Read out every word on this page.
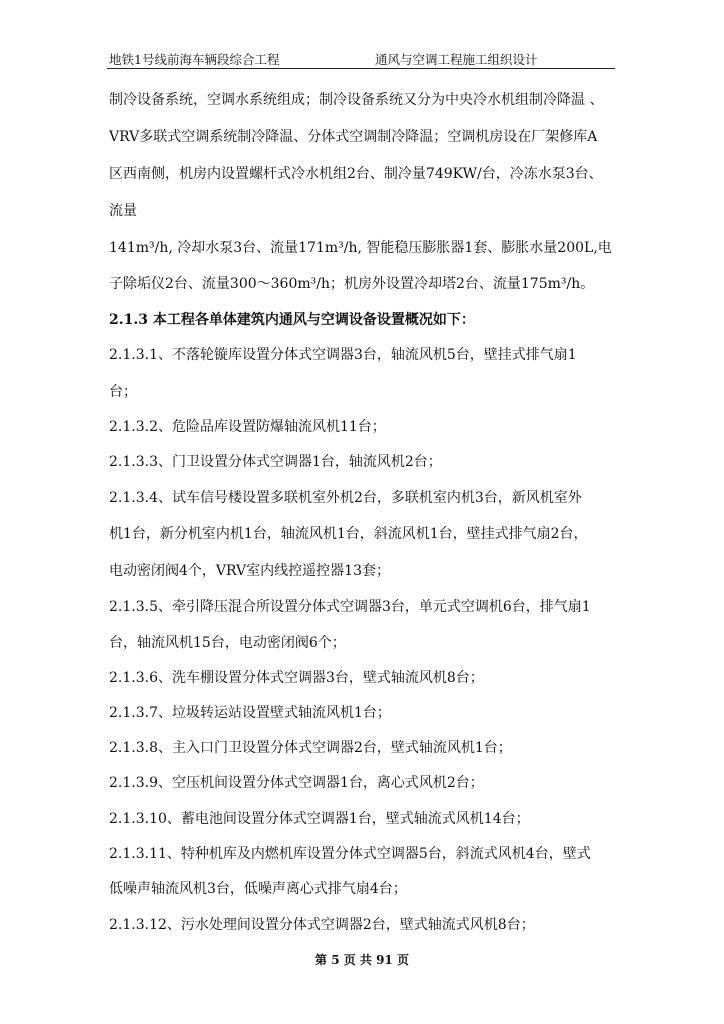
地铁1号线前海车辆段综合工程	通风与空调工程施工组织设计
制冷设备系统，空调水系统组成；制冷设备系统又分为中央冷水机组制冷降温 、
VRV多联式空调系统制冷降温、分体式空调制冷降温；空调机房设在厂架修库A
区西南侧，机房内设置螺杆式冷水机组2台、制冷量749KW/台，冷冻水泵3台、
流量
141m³/h, 冷却水泵3台、流量171m³/h, 智能稳压膨胀器1套、膨胀水量200L,电
子除垢仪2台、流量300～360m³/h；机房外设置冷却塔2台、流量175m³/h。
2.1.3 本工程各单体建筑内通风与空调设备设置概况如下：
2.1.3.1、不落轮镟库设置分体式空调器3台，轴流风机5台，壁挂式排气扇1
台；
2.1.3.2、危险品库设置防爆轴流风机11台；
2.1.3.3、门卫设置分体式空调器1台，轴流风机2台；
2.1.3.4、试车信号楼设置多联机室外机2台，多联机室内机3台，新风机室外
机1台，新分机室内机1台，轴流风机1台，斜流风机1台，壁挂式排气扇2台，
电动密闭阀4个，VRV室内线控遥控器13套；
2.1.3.5、牵引降压混合所设置分体式空调器3台，单元式空调机6台，排气扇1
台，轴流风机15台，电动密闭阀6个；
2.1.3.6、洗车棚设置分体式空调器3台，壁式轴流风机8台；
2.1.3.7、垃圾转运站设置壁式轴流风机1台；
2.1.3.8、主入口门卫设置分体式空调器2台，壁式轴流风机1台；
2.1.3.9、空压机间设置分体式空调器1台，离心式风机2台；
2.1.3.10、蓄电池间设置分体式空调器1台，壁式轴流式风机14台；
2.1.3.11、特种机库及内燃机库设置分体式空调器5台，斜流式风机4台，壁式
低噪声轴流风机3台，低噪声离心式排气扇4台；
2.1.3.12、污水处理间设置分体式空调器2台，壁式轴流式风机8台；
第 5 页 共 91 页
